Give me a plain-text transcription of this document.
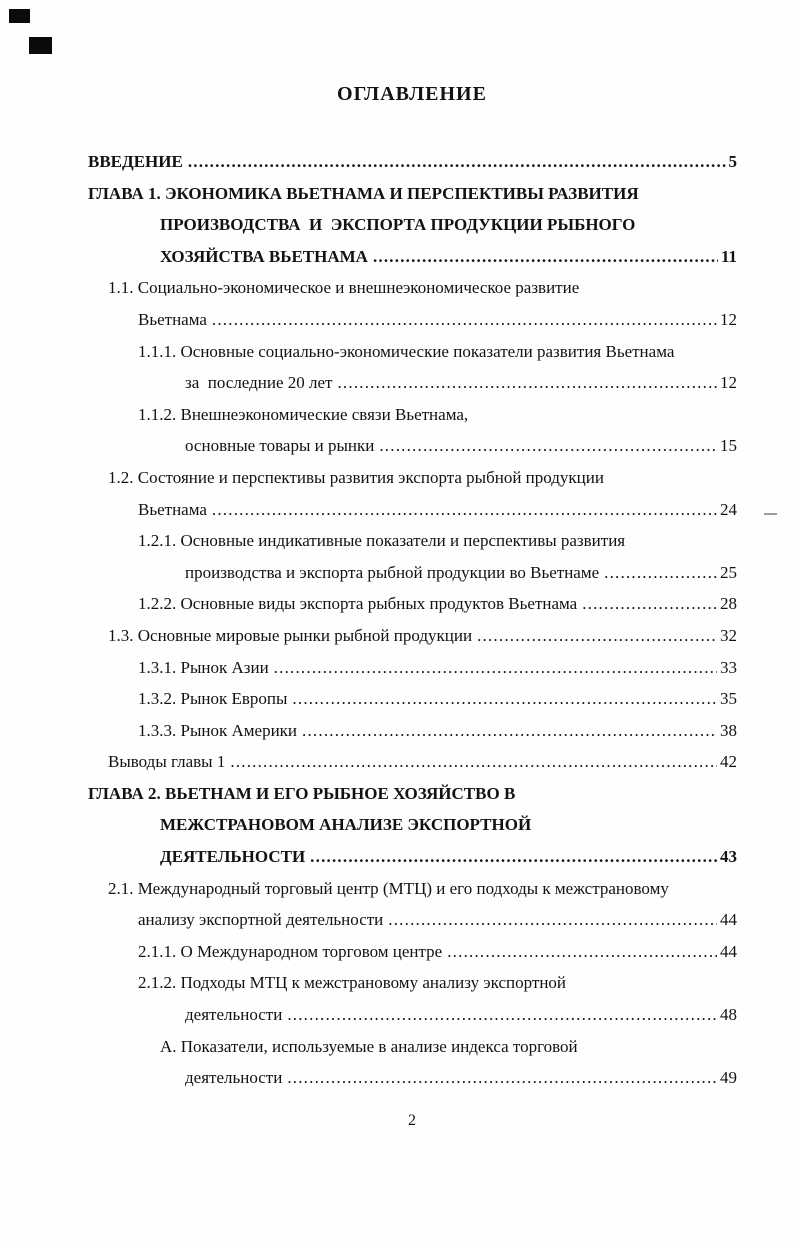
ОГЛАВЛЕНИЕ
ВВЕДЕНИЕ .....	5
ГЛАВА 1. ЭКОНОМИКА ВЬЕТНАМА И ПЕРСПЕКТИВЫ РАЗВИТИЯ
ПРОИЗВОДСТВА  И  ЭКСПОРТА ПРОДУКЦИИ РЫБНОГО
ХОЗЯЙСТВА ВЬЕТНАМА .....	11
1.1. Социально-экономическое и внешнеэкономическое развитие
Вьетнама .....	12
1.1.1. Основные социально-экономические показатели развития Вьетнама
за  последние 20 лет .....	12
1.1.2. Внешнеэкономические связи Вьетнама,
основные товары и рынки .....	15
1.2. Состояние и перспективы развития экспорта рыбной продукции
Вьетнама .....	24
1.2.1. Основные индикативные показатели и перспективы развития
производства и экспорта рыбной продукции во Вьетнаме .....	25
1.2.2. Основные виды экспорта рыбных продуктов Вьетнама .....	28
1.3. Основные мировые рынки рыбной продукции .....	32
1.3.1. Рынок Азии .....	33
1.3.2. Рынок Европы .....	35
1.3.3. Рынок Америки .....	38
Выводы главы 1 .....	42
ГЛАВА 2. ВЬЕТНАМ И ЕГО РЫБНОЕ ХОЗЯЙСТВО В
МЕЖСТРАНОВОМ АНАЛИЗЕ ЭКСПОРТНОЙ
ДЕЯТЕЛЬНОСТИ .....	43
2.1. Международный торговый центр (МТЦ) и его подходы к межстрановому
анализу экспортной деятельности .....	44
2.1.1. О Международном торговом центре .....	44
2.1.2. Подходы МТЦ к межстрановому анализу экспортной
деятельности .....	48
А. Показатели, используемые в анализе индекса торговой
деятельности .....	49
2
